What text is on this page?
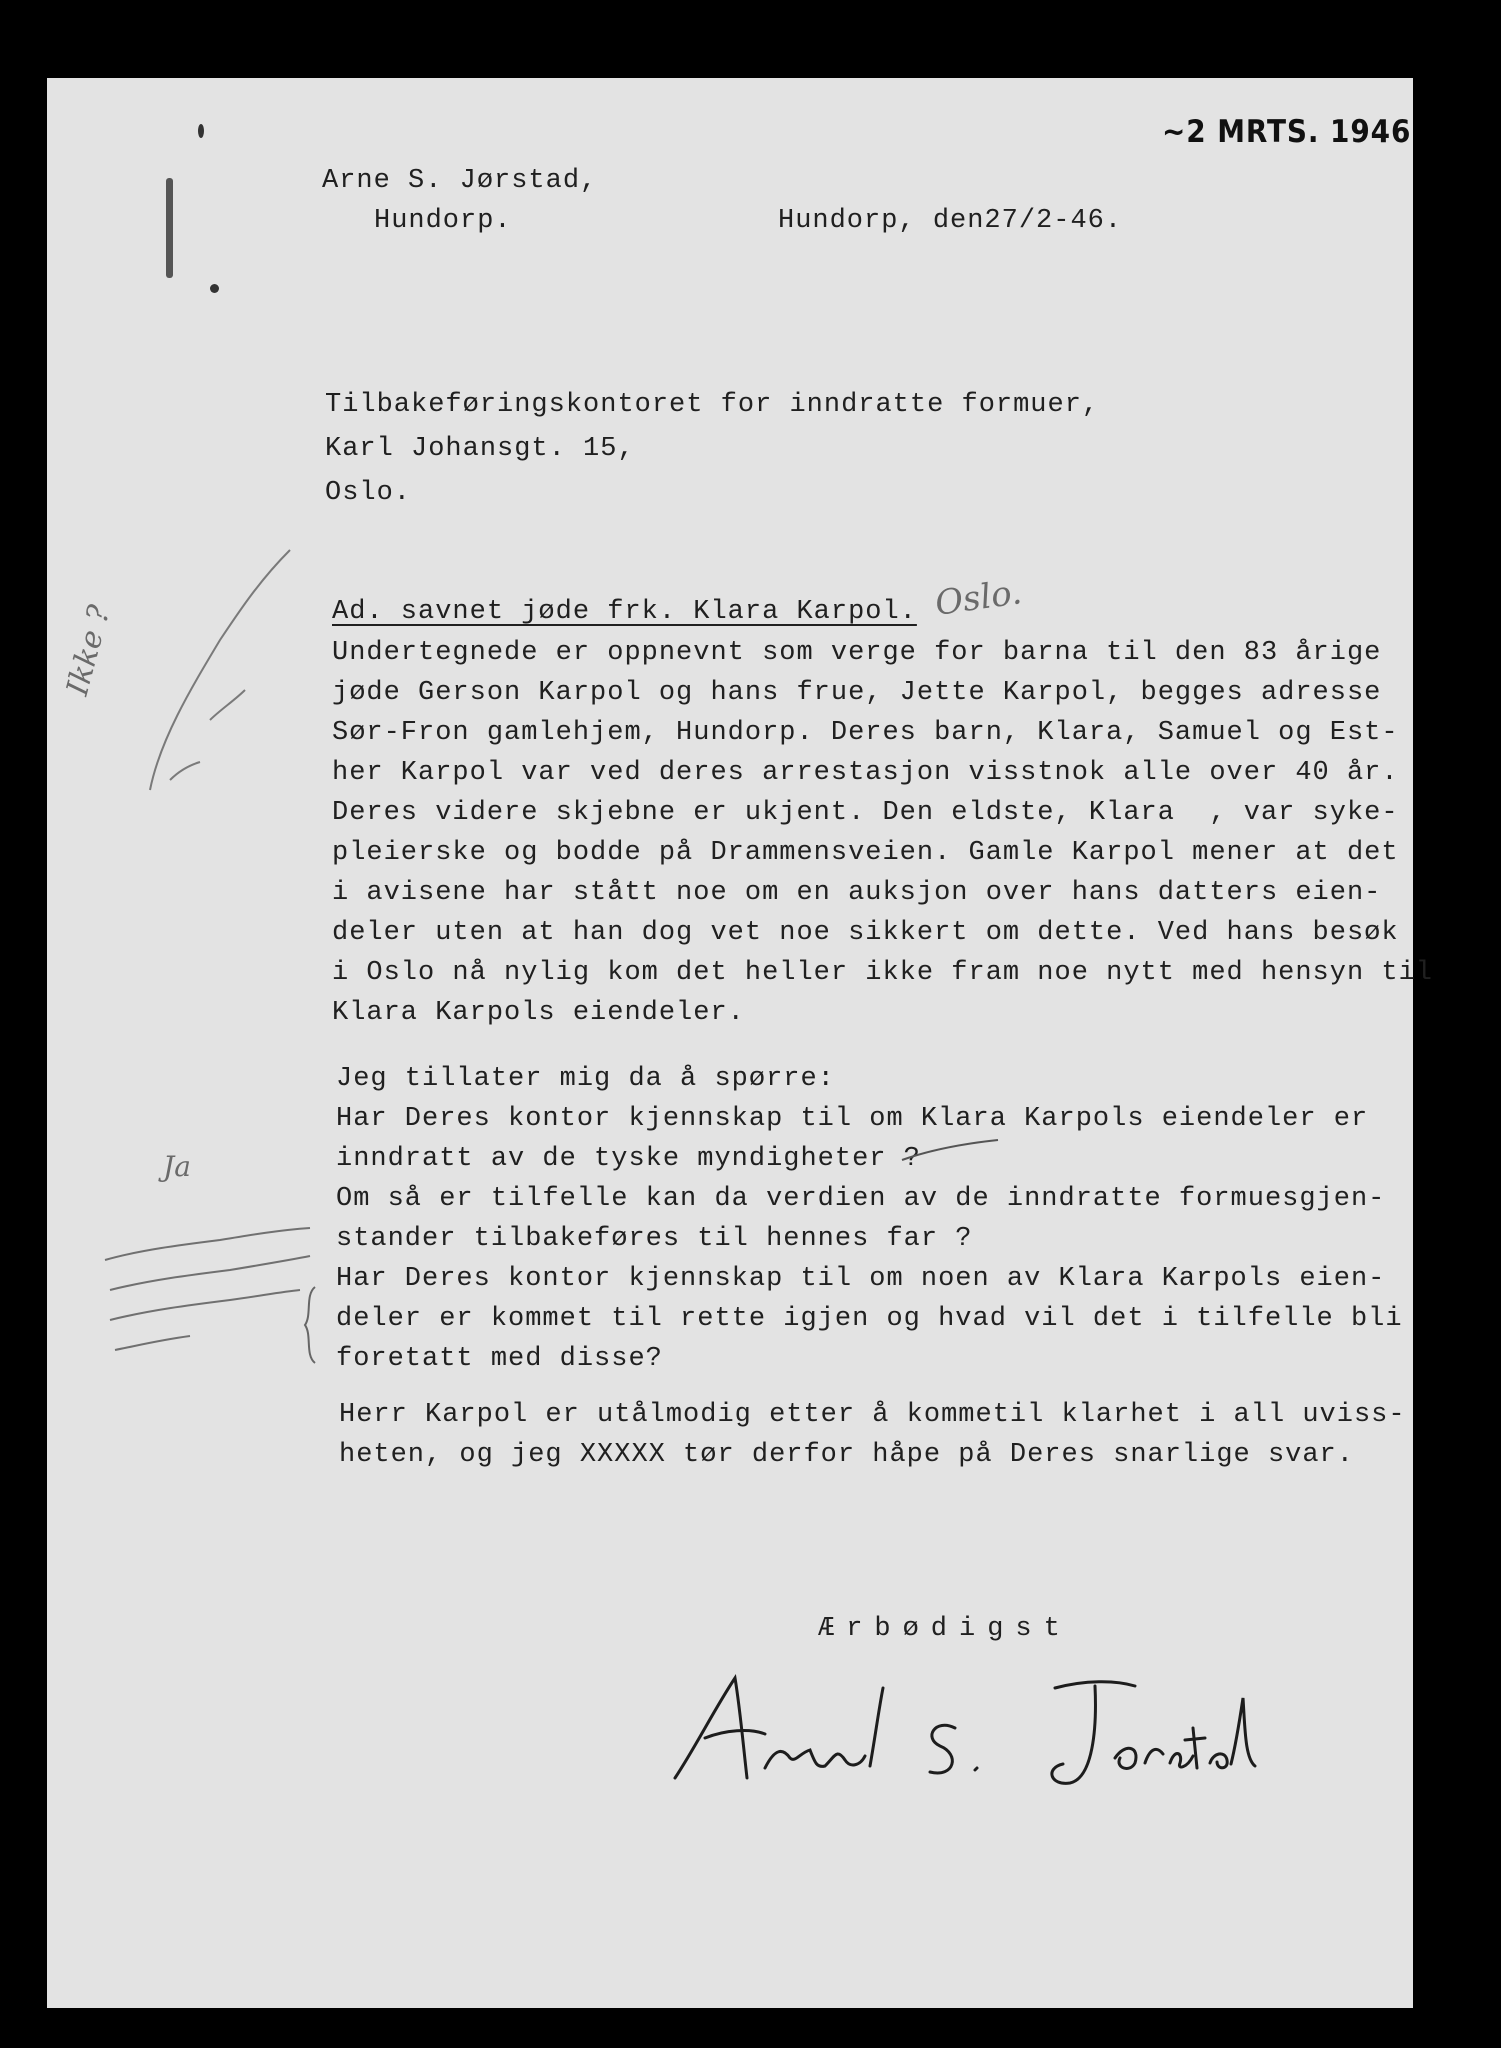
~2 MRTS. 1946
Arne S. Jørstad,
Hundorp.	Hundorp, den27/2-46.
Tilbakeføringskontoret for inndratte formuer,
Karl Johansgt. 15,
Oslo.
Ad. savnet jøde frk. Klara Karpol. Oslo.
Undertegnede er oppnevnt som verge for barna til den 83 årige
jøde Gerson Karpol og hans frue, Jette Karpol, begges adresse
Sør-Fron gamlehjem, Hundorp. Deres barn, Klara, Samuel og Est-
her Karpol var ved deres arrestasjon visstnok alle over 40 år.
Deres videre skjebne er ukjent. Den eldste, Klara  , var syke-
pleierske og bodde på Drammensveien. Gamle Karpol mener at det
i avisene har stått noe om en auksjon over hans datters eien-
deler uten at han dog vet noe sikkert om dette. Ved hans besøk
i Oslo nå nylig kom det heller ikke fram noe nytt med hensyn til
Klara Karpols eiendeler.
Jeg tillater mig da å spørre:
Har Deres kontor kjennskap til om Klara Karpols eiendeler er
inndratt av de tyske myndigheter ?
Om så er tilfelle kan da verdien av de inndratte formuesgjen-
stander tilbakeføres til hennes far ?
Har Deres kontor kjennskap til om noen av Klara Karpols eien-
deler er kommet til rette igjen og hvad vil det i tilfelle bli
foretatt med disse?
Herr Karpol er utålmodig etter å kommetil klarhet i all uviss-
heten, og jeg XXXXX tør derfor håpe på Deres snarlige svar.
Ærbødigst
Ikke ?
Ja
